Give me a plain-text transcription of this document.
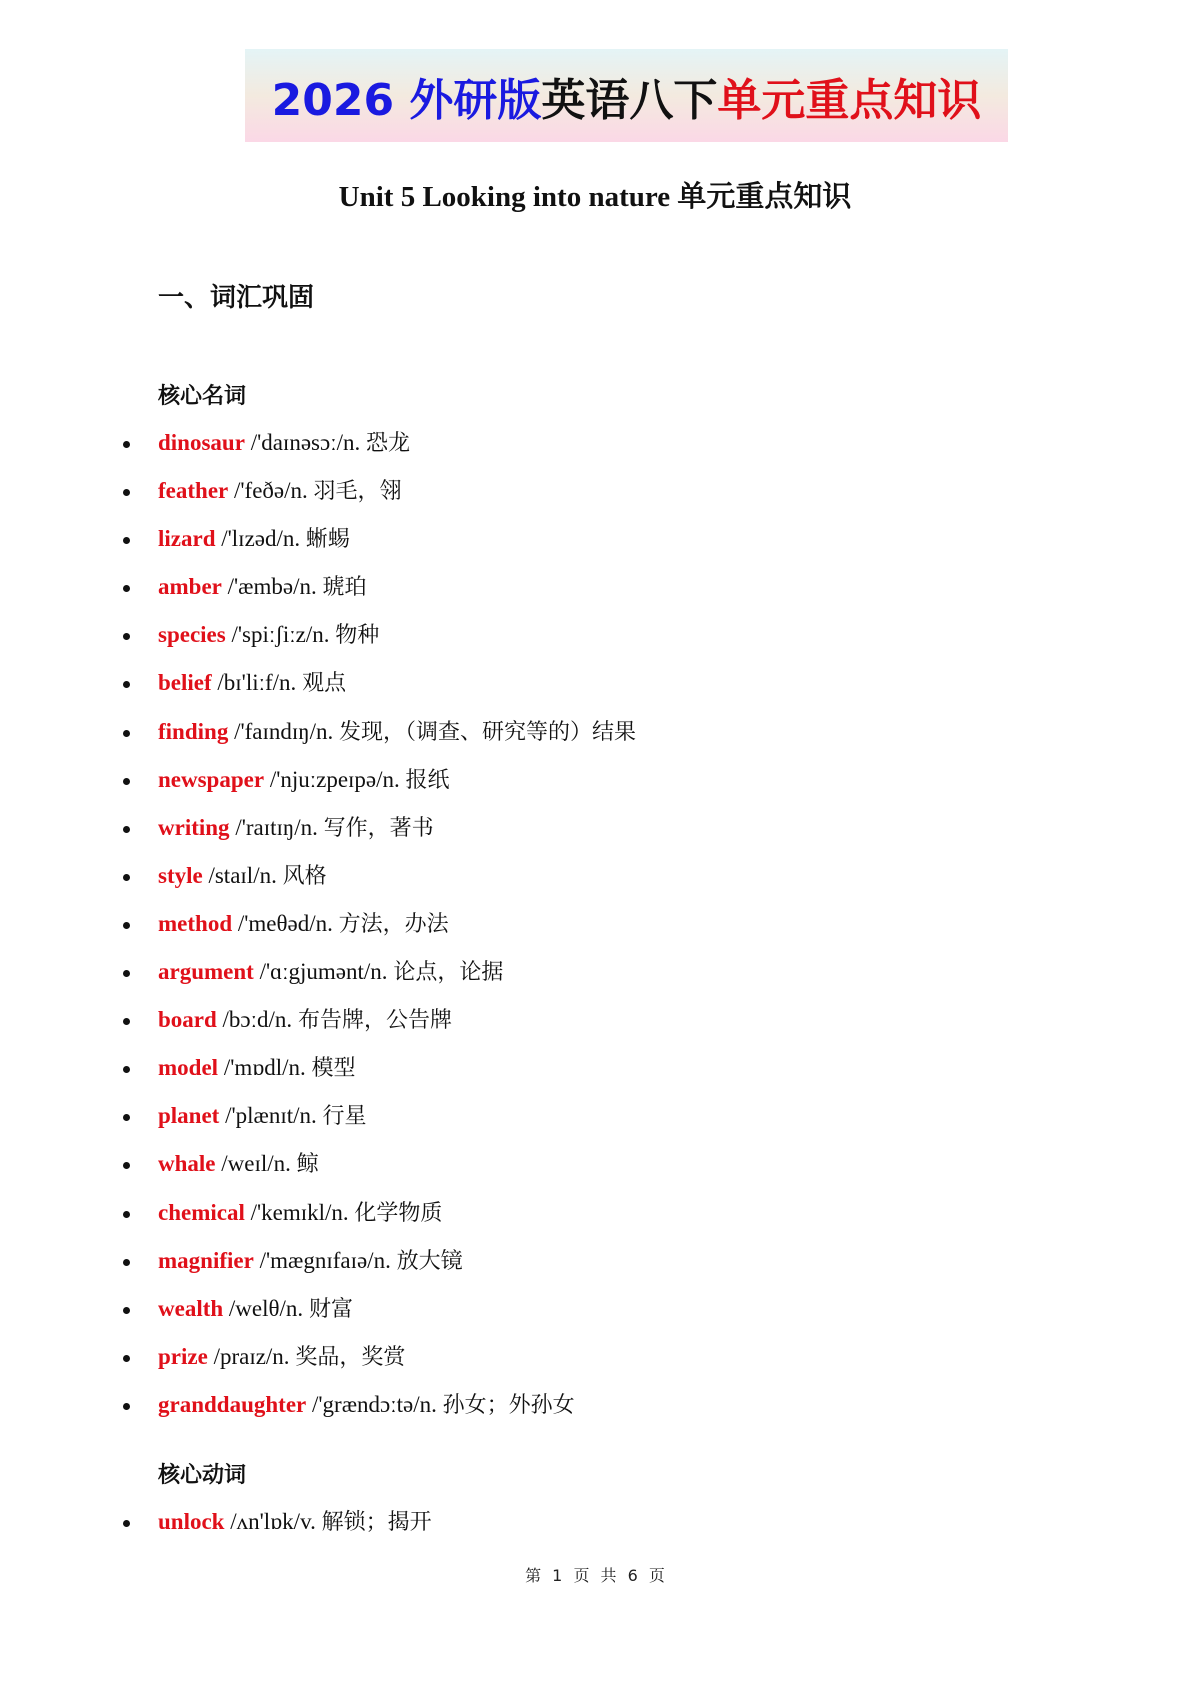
2026 外研版 英语八下 单元重点知识
Unit 5 Looking into nature 单元重点知识
一、词汇巩固
核心名词
dinosaur /'daɪnəsɔː/n. 恐龙
feather /'feðə/n. 羽毛，翎
lizard /'lɪzəd/n. 蜥蜴
amber /'æmbə/n. 琥珀
species /'spiːʃiːz/n. 物种
belief /bɪ'liːf/n. 观点
finding /'faɪndɪŋ/n. 发现，（调查、研究等的）结果
newspaper /'njuːzpeɪpə/n. 报纸
writing /'raɪtɪŋ/n. 写作，著书
style /staɪl/n. 风格
method /'meθəd/n. 方法，办法
argument /'ɑːgjumənt/n. 论点，论据
board /bɔːd/n. 布告牌，公告牌
model /'mɒdl/n. 模型
planet /'plænɪt/n. 行星
whale /weɪl/n. 鲸
chemical /'kemɪkl/n. 化学物质
magnifier /'mægnɪfaɪə/n. 放大镜
wealth /welθ/n. 财富
prize /praɪz/n. 奖品，奖赏
granddaughter /'grændɔːtə/n. 孙女；外孙女
核心动词
unlock /ʌn'lɒk/v. 解锁；揭开
第 1 页 共 6 页
